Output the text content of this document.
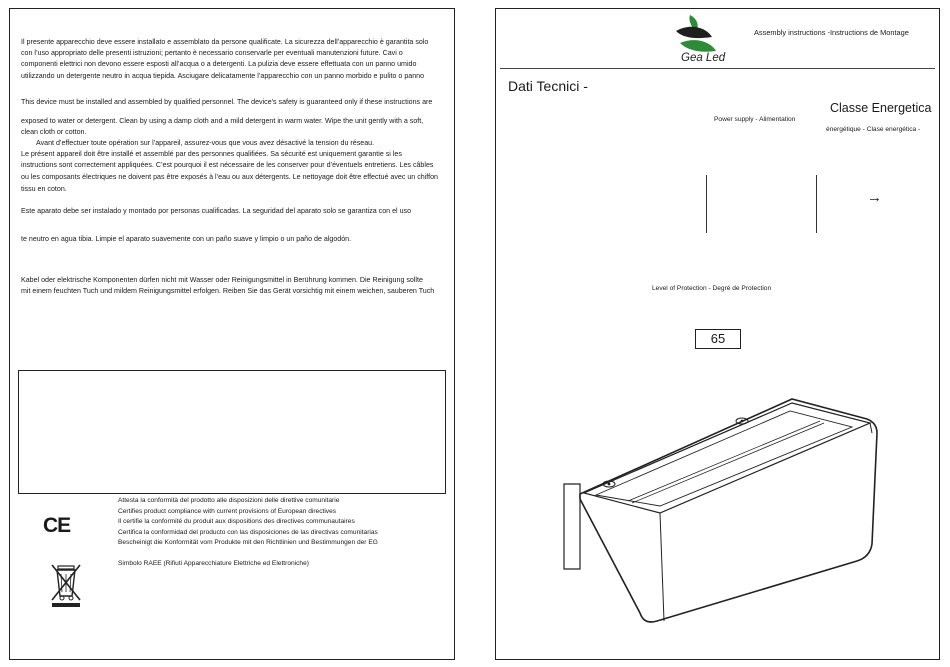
Il presente apparecchio deve essere installato e assemblato da persone qualificate. La sicurezza dell’apparecchio è garantita solo
con l’uso appropriato delle presenti istruzioni; pertanto è necessario conservarle per eventuali manutenzioni future. Cavi o
componenti elettrici non devono essere esposti all’acqua o a detergenti. La pulizia deve essere effettuata con un panno umido
utilizzando un detergente neutro in acqua tiepida. Asciugare delicatamente l’apparecchio con un panno morbido e pulito o panno
This device must be installed and assembled by qualified personnel. The device's safety is guaranteed only if these instructions are
exposed to water or detergent. Clean by using a damp cloth and a mild detergent in warm water. Wipe the unit gently with a soft,
clean cloth or cotton.
Avant d’effectuer toute opération sur l’appareil, assurez-vous que vous avez désactivé la tension du réseau.
Le présent appareil doit être installé et assemblé par des personnes qualifiées. Sa sécurité est uniquement garantie si les
instructions sont correctement appliquées. C’est pourquoi il est nécessaire de les conserver pour d’éventuels entretiens. Les câbles
ou les composants électriques ne doivent pas être exposés à l’eau ou aux détergents. Le nettoyage doit être effectué avec un chiffon
tissu en coton.
Este aparato debe ser instalado y montado por personas cualificadas. La seguridad del aparato solo se garantiza con el uso
te neutro en agua tibia. Limpie el aparato suavemente con un paño suave y limpio o un paño de algodón.
Kabel oder elektrische Komponenten dürfen nicht mit Wasser oder Reinigungsmittel in Berührung kommen. Die Reinigung sollte
mit einem feuchten Tuch und mildem Reinigungsmittel erfolgen. Reiben Sie das Gerät vorsichtig mit einem weichen, sauberen Tuch
CE
Attesta la conformità del prodotto alle disposizioni delle direttive comunitarie
Certifies product compliance with current provisions of European directives
Il certifie la conformité du produit aux dispositions des directives communautaires
Certifica la conformidad del producto con las disposiciones de las directivas comunitarias
Bescheinigt die Konformität vom Produkte mit den Richtlinien und Bestimmungen der EG
Simbolo RAEE (Rifiuti Apparecchiature Elettriche ed Elettroniche)
Gea Led
Assembly instructions -Instructions de Montage
Dati Tecnici -
Classe Energetica
Power supply - Alimentation
énergétique - Clase energética -
→
Level of Protection - Degré de Protection
65
